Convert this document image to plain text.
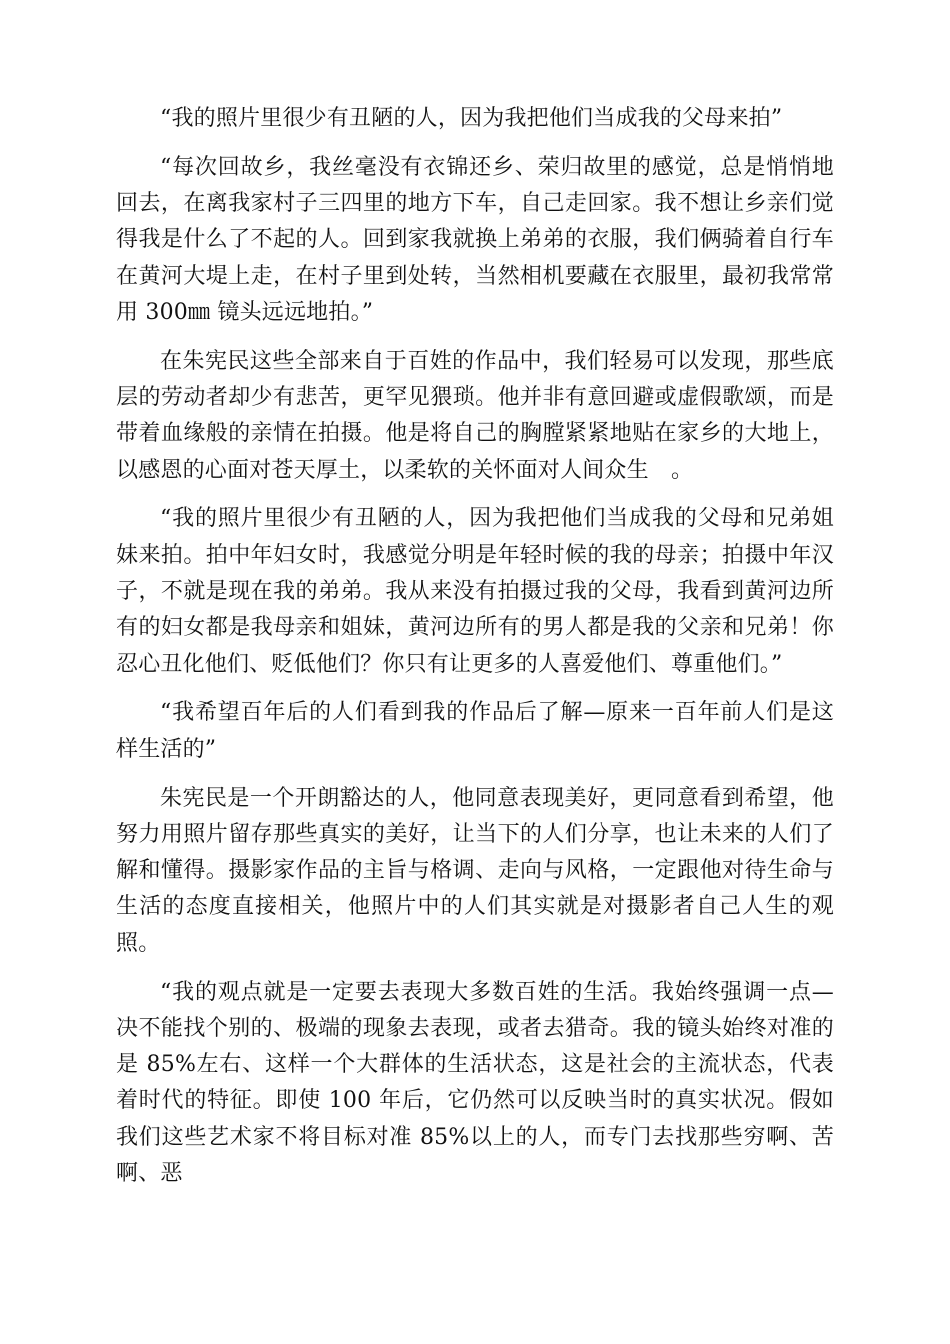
“我的照片里很少有丑陋的人，因为我把他们当成我的父母来拍”

“每次回故乡，我丝毫没有衣锦还乡、荣归故里的感觉，总是悄悄地回去，在离我家村子三四里的地方下车，自己走回家。我不想让乡亲们觉得我是什么了不起的人。回到家我就换上弟弟的衣服，我们俩骑着自行车在黄河大堤上走，在村子里到处转，当然相机要藏在衣服里，最初我常常用 300㎜ 镜头远远地拍。”

在朱宪民这些全部来自于百姓的作品中，我们轻易可以发现，那些底层的劳动者却少有悲苦，更罕见猥琐。他并非有意回避或虚假歌颂，而是带着血缘般的亲情在拍摄。他是将自己的胸膛紧紧地贴在家乡的大地上，以感恩的心面对苍天厚土，以柔软的关怀面对人间众生　。

“我的照片里很少有丑陋的人，因为我把他们当成我的父母和兄弟姐妹来拍。拍中年妇女时，我感觉分明是年轻时候的我的母亲；拍摄中年汉子，不就是现在我的弟弟。我从来没有拍摄过我的父母，我看到黄河边所有的妇女都是我母亲和姐妹，黄河边所有的男人都是我的父亲和兄弟！你忍心丑化他们、贬低他们？你只有让更多的人喜爱他们、尊重他们。”

“我希望百年后的人们看到我的作品后了解—原来一百年前人们是这样生活的”

朱宪民是一个开朗豁达的人，他同意表现美好，更同意看到希望，他努力用照片留存那些真实的美好，让当下的人们分享，也让未来的人们了解和懂得。摄影家作品的主旨与格调、走向与风格，一定跟他对待生命与生活的态度直接相关，他照片中的人们其实就是对摄影者自己人生的观照。

“我的观点就是一定要去表现大多数百姓的生活。我始终强调一点—决不能找个别的、极端的现象去表现，或者去猎奇。我的镜头始终对准的是 85%左右、这样一个大群体的生活状态，这是社会的主流状态，代表着时代的特征。即使 100 年后，它仍然可以反映当时的真实状况。假如我们这些艺术家不将目标对准 85%以上的人，而专门去找那些穷啊、苦啊、恶
